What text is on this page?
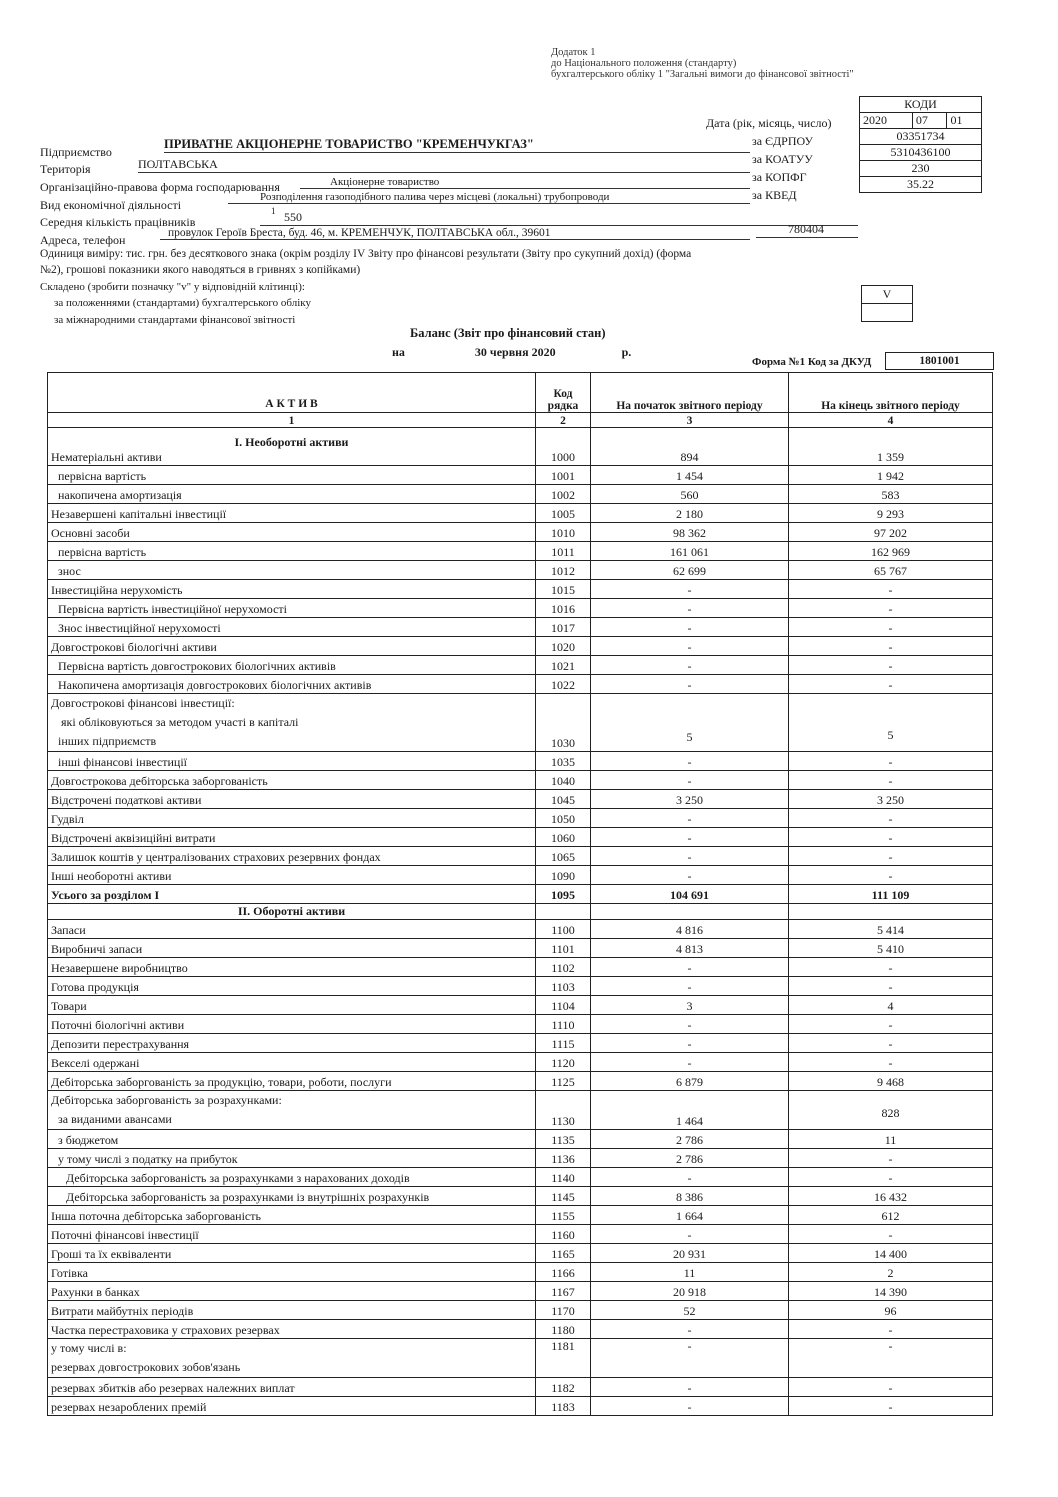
Додаток 1
до Національного положення (стандарту)
бухгалтерського обліку 1 "Загальні вимоги до фінансової звітності"
КОДИ
2020	07	01
03351734
5310436100
230
35.22
Дата (рік, місяць, число)
за ЄДРПОУ
за КОАТУУ
за КОПФГ
за КВЕД
Підприємство
ПРИВАТНЕ АКЦІОНЕРНЕ ТОВАРИСТВО "КРЕМЕНЧУКГАЗ"
Територія	ПОЛТАВСЬКА
Організаційно-правова форма господарювання	Акціонерне товариство
Вид економічної діяльності
Розподілення газоподібного палива через місцеві (локальні) трубопроводи
Середня кількість працівників
1 550
Адреса, телефон	провулок Героїв Бреста, буд. 46, м. КРЕМЕНЧУК, ПОЛТАВСЬКА обл., 39601	780404
Одиниця виміру: тис. грн. без десяткового знака (окрім розділу IV Звіту про фінансові результати (Звіту про сукупний дохід) (форма
№2), грошові показники якого наводяться в гривнях з копійками)
Складено (зробити позначку "v" у відповідній клітинці):
за положеннями (стандартами) бухгалтерського обліку
за міжнародними стандартами фінансової звітності
V
Баланс (Звіт про фінансовий стан)
на	30 червня 2020	р.
Форма №1 Код за ДКУД	1801001
А К Т И В	Код рядка	На початок звітного періоду	На кінець звітного періоду
1	2	3	4

I. Необоротні активи
Нематеріальні активи	1000	894	1 359
первісна вартість	1001	1 454	1 942
накопичена амортизація	1002	560	583
Незавершені капітальні інвестиції	1005	2 180	9 293
Основні засоби	1010	98 362	97 202
первісна вартість	1011	161 061	162 969
знос	1012	62 699	65 767
Інвестиційна нерухомість	1015	-	-
Первісна вартість інвестиційної нерухомості	1016	-	-
Знос інвестиційної нерухомості	1017	-	-
Довгострокові біологічні активи	1020	-	-
Первісна вартість довгострокових біологічних активів	1021	-	-
Накопичена амортизація довгострокових біологічних активів	1022	-	-

Довгострокові фінансові інвестиції:
які обліковуються за методом участі в капіталі
інших підприємств	1030	5	5
інші фінансові інвестиції	1035	-	-
Довгострокова дебіторська заборгованість	1040	-	-
Відстрочені податкові активи	1045	3 250	3 250
Гудвіл	1050	-	-
Відстрочені аквізиційні витрати	1060	-	-
Залишок коштів у централізованих страхових резервних фондах	1065	-	-
Інші необоротні активи	1090	-	-
Усього за розділом I	1095	104 691	111 109
II. Оборотні активи			
Запаси	1100	4 816	5 414
Виробничі запаси	1101	4 813	5 410
Незавершене виробництво	1102	-	-
Готова продукція	1103	-	-
Товари	1104	3	4
Поточні біологічні активи	1110	-	-
Депозити перестрахування	1115	-	-
Векселі одержані	1120	-	-
Дебіторська заборгованість за продукцію, товари, роботи, послуги	1125	6 879	9 468

Дебіторська заборгованість за розрахунками:
за виданими авансами	1130	1 464	828
з бюджетом	1135	2 786	11
у тому числі з податку на прибуток	1136	2 786	-
Дебіторська заборгованість за розрахунками з нарахованих доходів	1140	-	-
Дебіторська заборгованість за розрахунками із внутрішніх розрахунків	1145	8 386	16 432
Інша поточна дебіторська заборгованість	1155	1 664	612
Поточні фінансові інвестиції	1160	-	-
Гроші та їх еквіваленти	1165	20 931	14 400
Готівка	1166	11	2
Рахунки в банках	1167	20 918	14 390
Витрати майбутніх періодів	1170	52	96
Частка перестраховика у страхових резервах	1180	-	-

у тому числі в:
резервах довгострокових зобов'язань	1181	-	-
резервах збитків або резервах належних виплат	1182	-	-
резервах незароблених премій	1183	-	-
